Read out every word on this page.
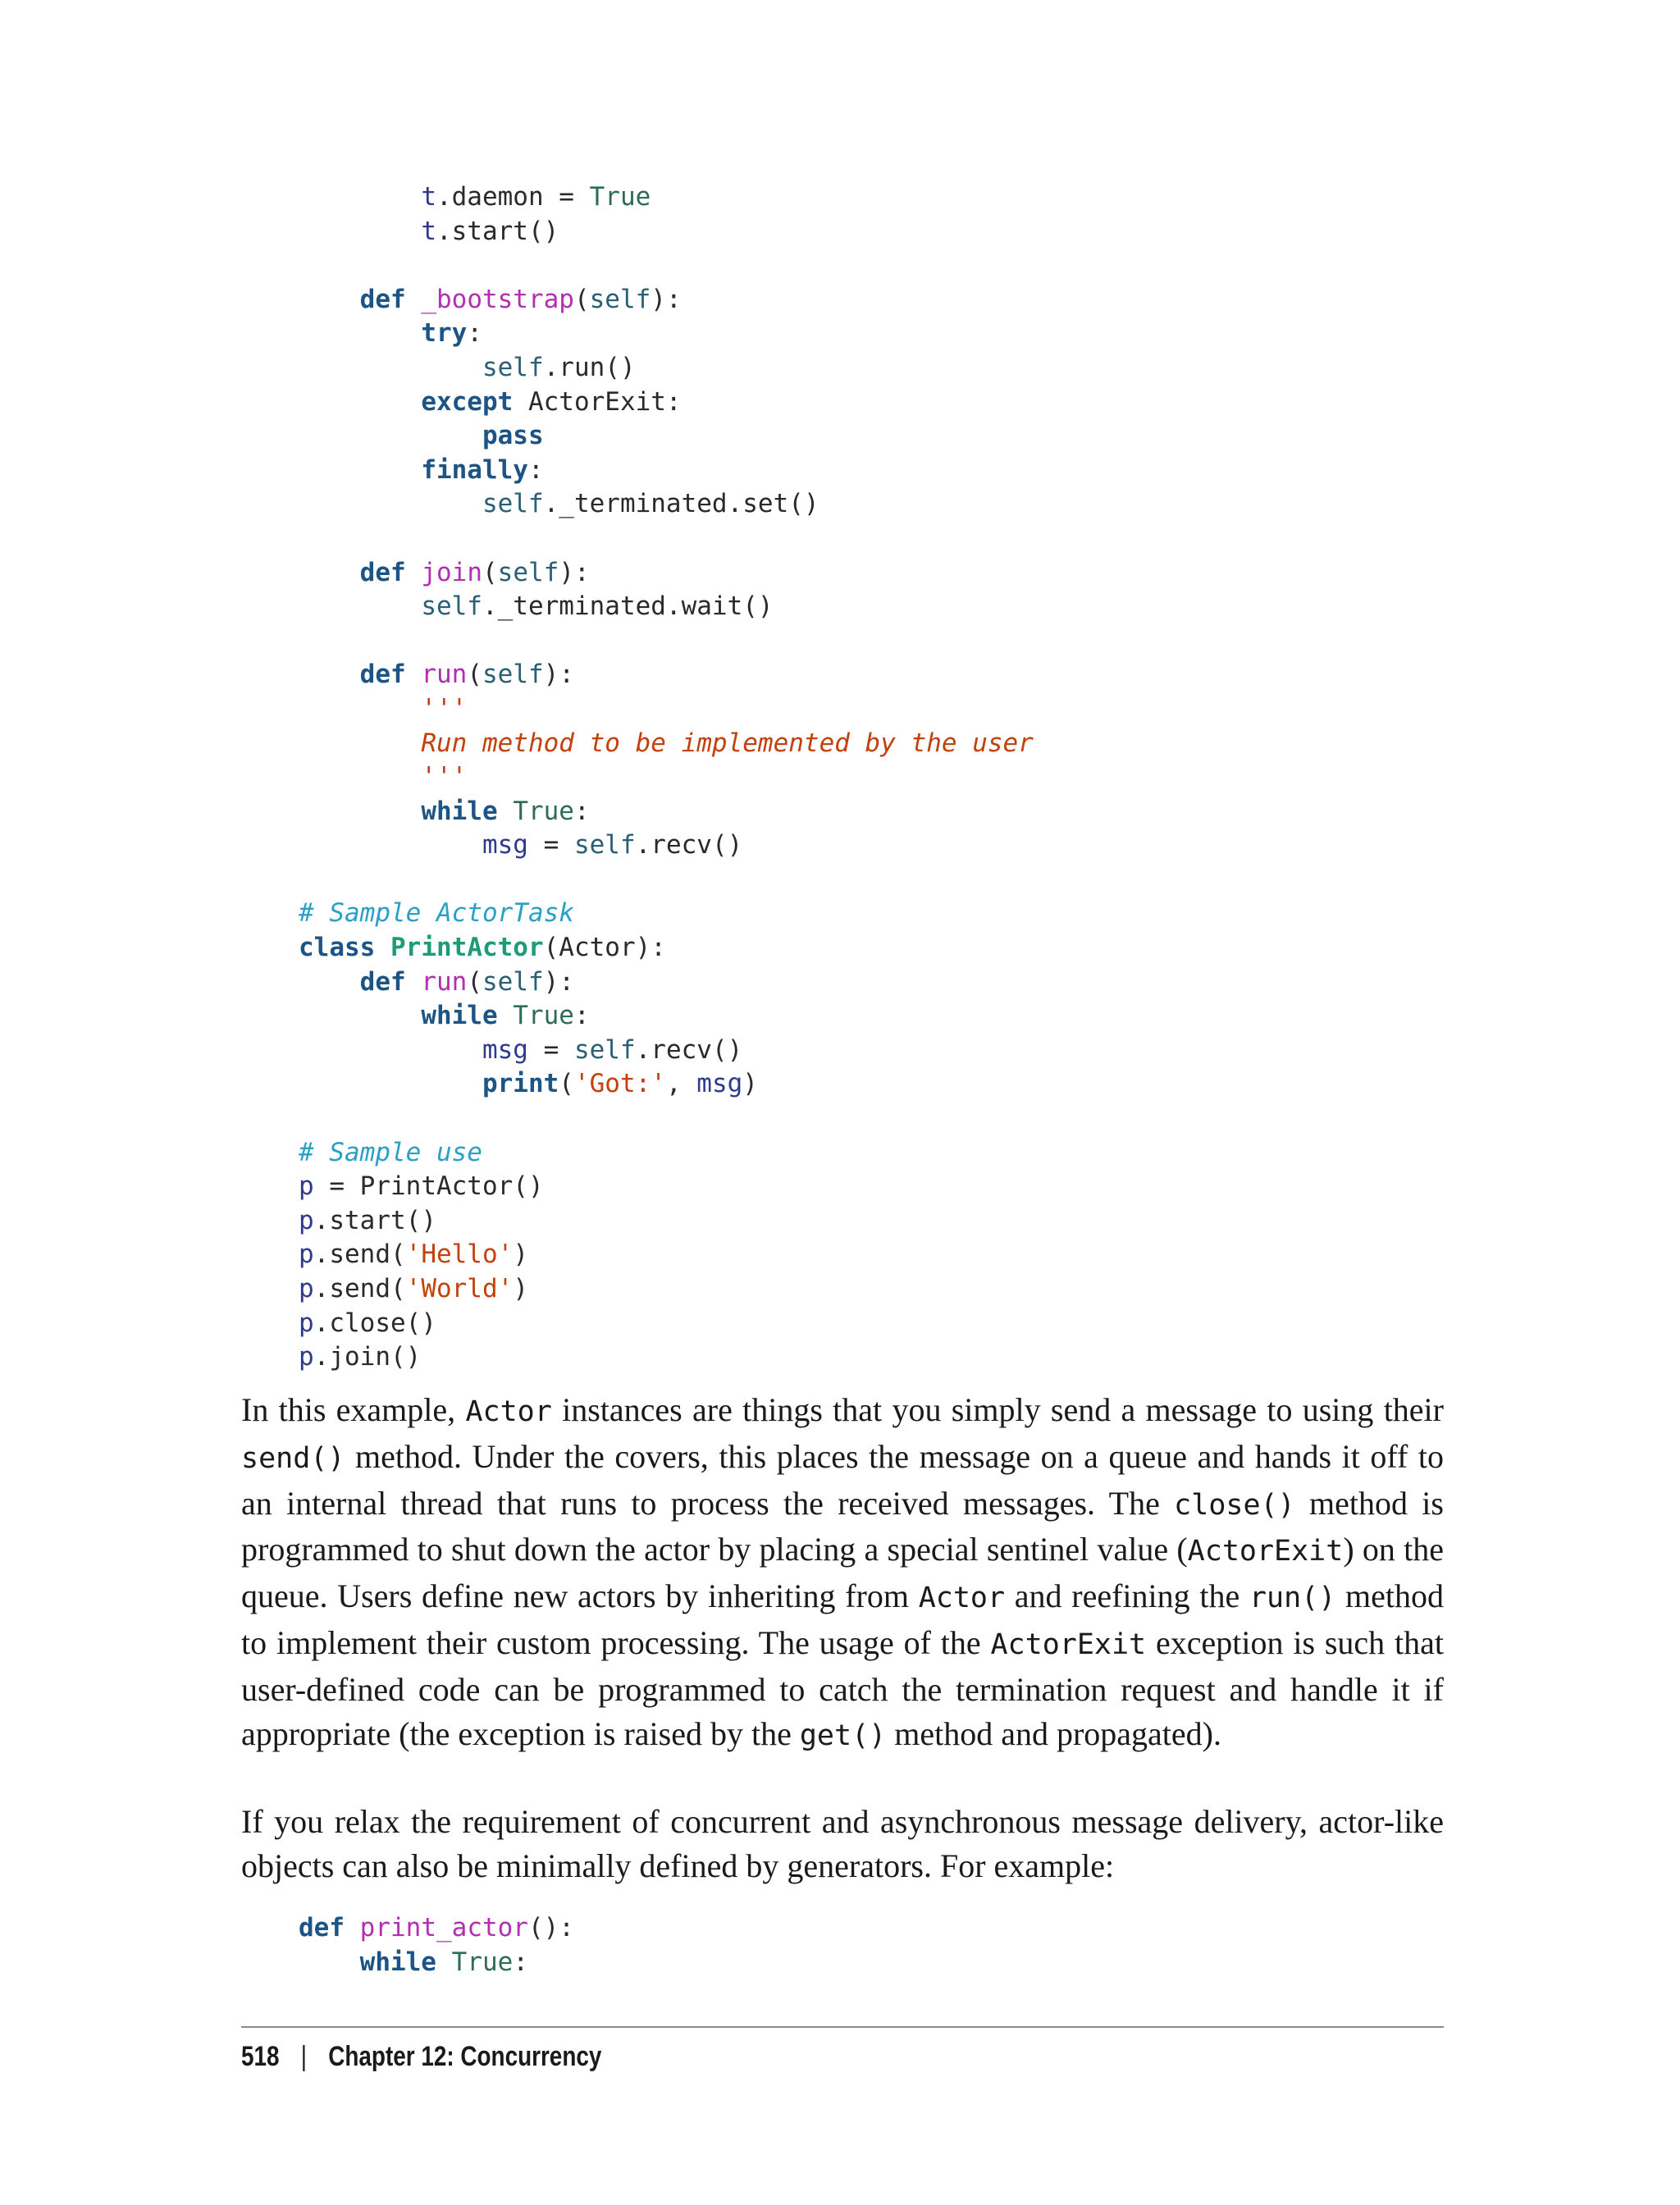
t.daemon = True
t.start()

def _bootstrap(self):
try:
self.run()
except ActorExit:
pass
finally:
self._terminated.set()

def join(self):
self._terminated.wait()

def run(self):
'''
Run method to be implemented by the user
'''
while True:
msg = self.recv()

# Sample ActorTask
class PrintActor(Actor):
def run(self):
while True:
msg = self.recv()
print('Got:', msg)

# Sample use
p = PrintActor()
p.start()
p.send('Hello')
p.send('World')
p.close()
p.join()

In this example, Actor instances are things that you simply send a message to using their send() method. Under the covers, this places the message on a queue and hands it off to an internal thread that runs to process the received messages. The close() method is programmed to shut down the actor by placing a special sentinel value (ActorExit) on the queue. Users define new actors by inheriting from Actor and reefining the run() method to implement their custom processing. The usage of the ActorExit exception is such that user-defined code can be programmed to catch the termination request and handle it if appropriate (the exception is raised by the get() method and propagated).

If you relax the requirement of concurrent and asynchronous message delivery, actor-like objects can also be minimally defined by generators. For example:

def print_actor():
while True:
518 | Chapter 12: Concurrency
